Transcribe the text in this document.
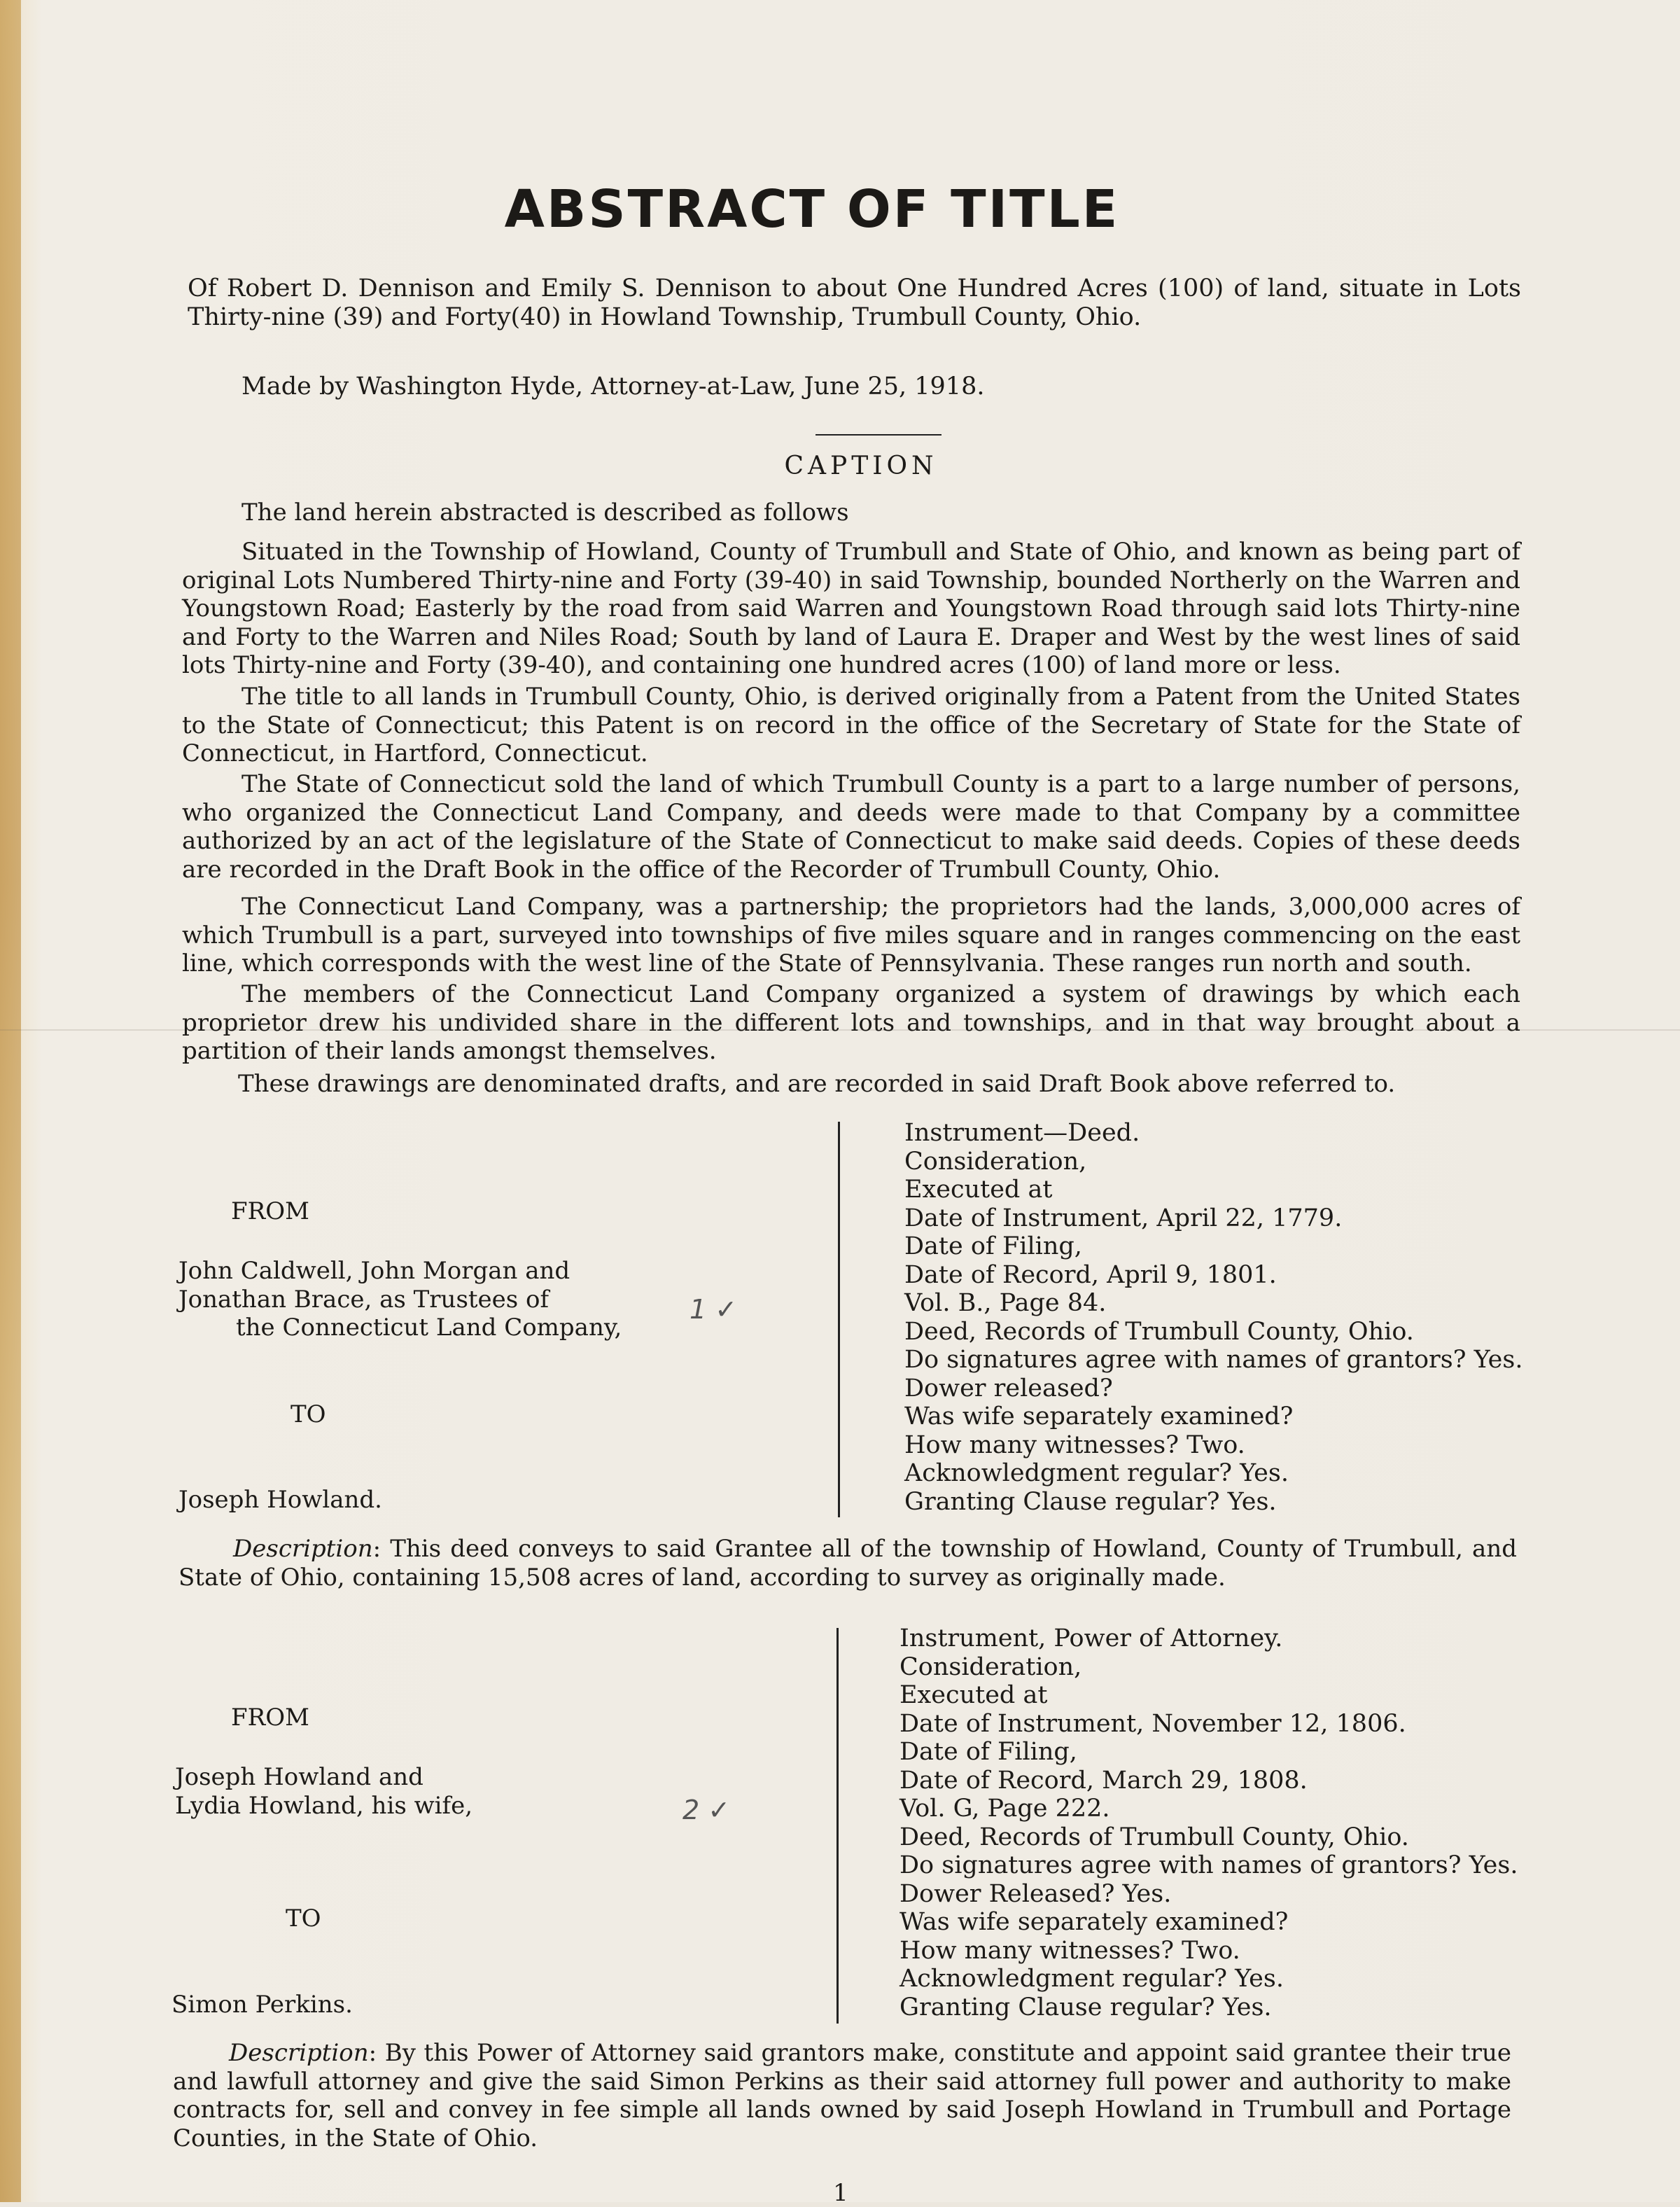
ABSTRACT OF TITLE
Of Robert D. Dennison and Emily S. Dennison to about One Hundred Acres (100) of land, situate in Lots Thirty-nine (39) and Forty(40) in Howland Township, Trumbull County, Ohio.
Made by Washington Hyde, Attorney-at-Law, June 25, 1918.
CAPTION
The land herein abstracted is described as follows
Situated in the Township of Howland, County of Trumbull and State of Ohio, and known as being part of original Lots Numbered Thirty-nine and Forty (39-40) in said Township, bounded Northerly on the Warren and Youngstown Road; Easterly by the road from said Warren and Youngstown Road through said lots Thirty-nine and Forty to the Warren and Niles Road; South by land of Laura E. Draper and West by the west lines of said lots Thirty-nine and Forty (39-40), and containing one hundred acres (100) of land more or less.
The title to all lands in Trumbull County, Ohio, is derived originally from a Patent from the United States to the State of Connecticut; this Patent is on record in the office of the Secretary of State for the State of Connecticut, in Hartford, Connecticut.
The State of Connecticut sold the land of which Trumbull County is a part to a large number of persons, who organized the Connecticut Land Company, and deeds were made to that Company by a committee authorized by an act of the legislature of the State of Connecticut to make said deeds. Copies of these deeds are recorded in the Draft Book in the office of the Recorder of Trumbull County, Ohio.
The Connecticut Land Company, was a partnership; the proprietors had the lands, 3,000,000 acres of which Trumbull is a part, surveyed into townships of five miles square and in ranges commencing on the east line, which corresponds with the west line of the State of Pennsylvania. These ranges run north and south.
The members of the Connecticut Land Company organized a system of drawings by which each proprietor drew his undivided share in the different lots and townships, and in that way brought about a partition of their lands amongst themselves.
These drawings are denominated drafts, and are recorded in said Draft Book above referred to.
FROM
John Caldwell, John Morgan and
Jonathan Brace, as Trustees of
the Connecticut Land Company,
TO
Joseph Howland.
1 ✓
Instrument—Deed.
Consideration,
Executed at
Date of Instrument, April 22, 1779.
Date of Filing,
Date of Record, April 9, 1801.
Vol. B., Page 84.
Deed, Records of Trumbull County, Ohio.
Do signatures agree with names of grantors? Yes.
Dower released?
Was wife separately examined?
How many witnesses? Two.
Acknowledgment regular? Yes.
Granting Clause regular? Yes.
Description: This deed conveys to said Grantee all of the township of Howland, County of Trumbull, and State of Ohio, containing 15,508 acres of land, according to survey as originally made.
FROM
Joseph Howland and
Lydia Howland, his wife,
TO
Simon Perkins.
2 ✓
Instrument, Power of Attorney.
Consideration,
Executed at
Date of Instrument, November 12, 1806.
Date of Filing,
Date of Record, March 29, 1808.
Vol. G, Page 222.
Deed, Records of Trumbull County, Ohio.
Do signatures agree with names of grantors? Yes.
Dower Released? Yes.
Was wife separately examined?
How many witnesses? Two.
Acknowledgment regular? Yes.
Granting Clause regular? Yes.
Description: By this Power of Attorney said grantors make, constitute and appoint said grantee their true and lawfull attorney and give the said Simon Perkins as their said attorney full power and authority to make contracts for, sell and convey in fee simple all lands owned by said Joseph Howland in Trumbull and Portage Counties, in the State of Ohio.
1
